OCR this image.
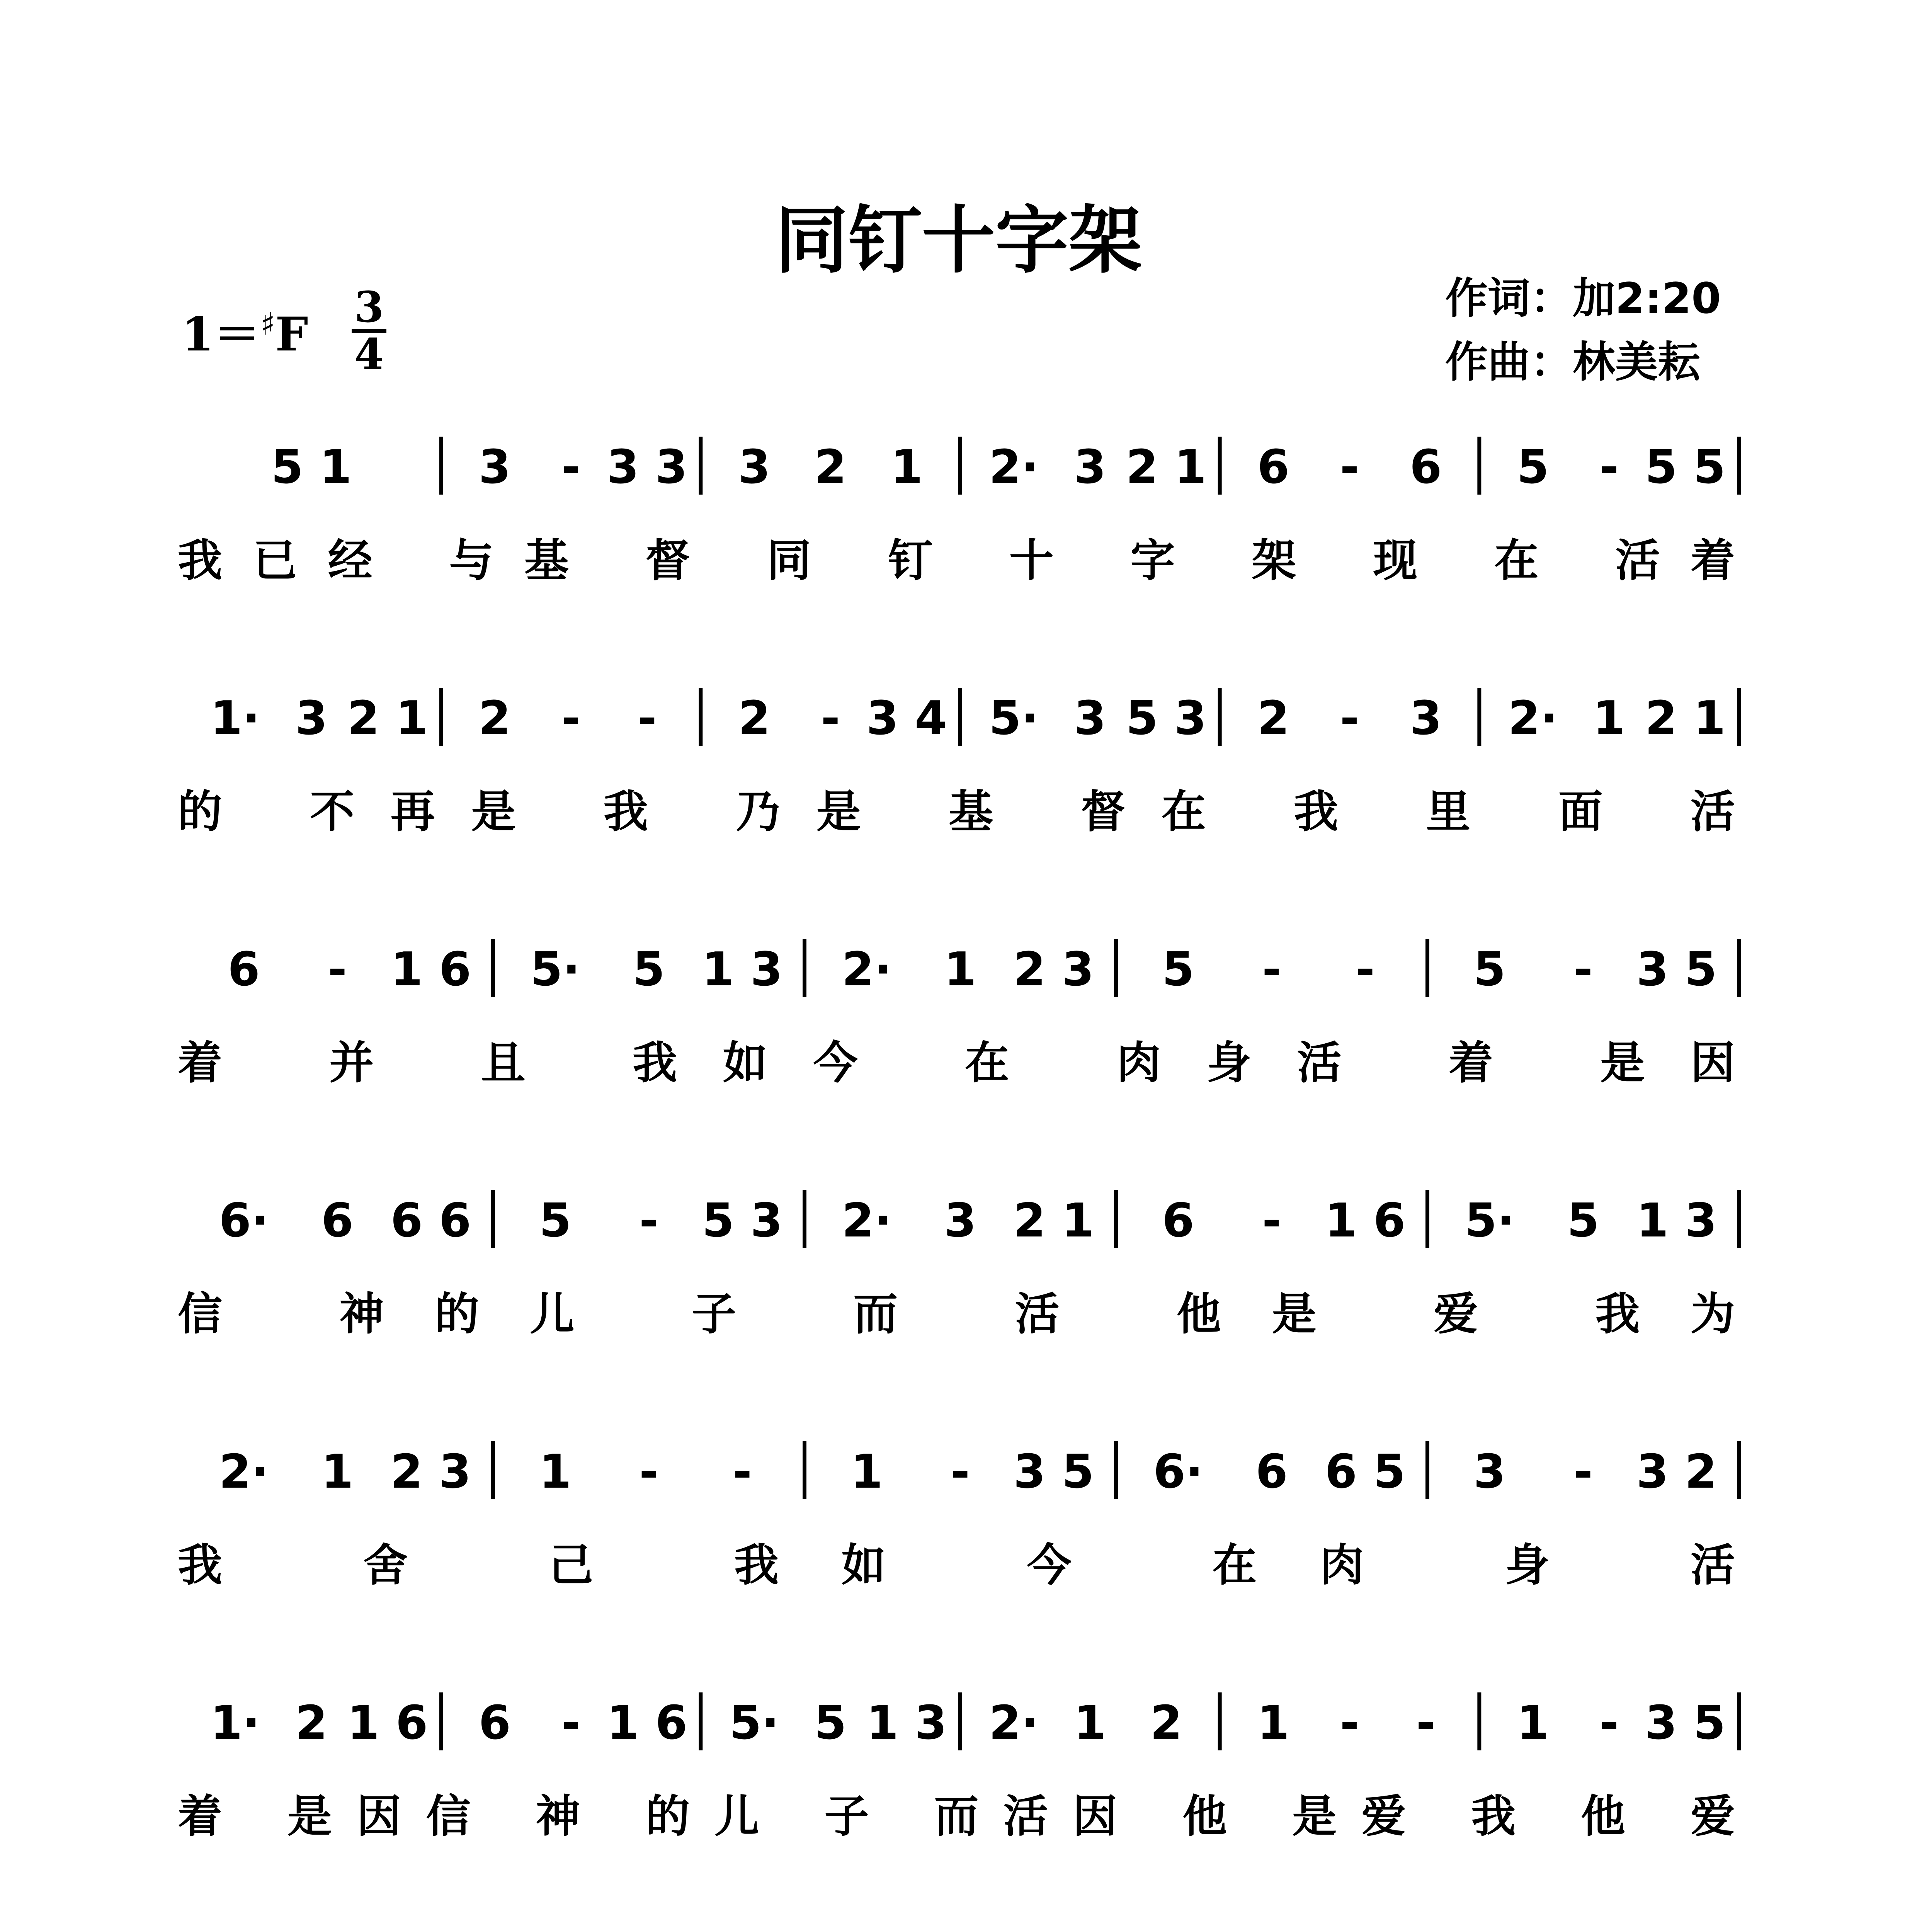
同钉十字架
1＝♯F
3
4
作词：加2:20
作曲：林美耘
5 1	3 - 3 3 3 2 1 2· 3 2 1 6 - 6 5 - 5 5
我已经 与基 督 同 钉 十 字 架 现 在 活着
1· 3 2 1 2 - - 2 - 3 4 5· 3 5 3 2 - 3 2· 1 2 1
的 不再是 我 乃是 基 督在 我 里 面 活
6 - 1 6 5· 5 1 3 2· 1 2 3 5 - - 5 - 3 5
着 并 且 我如今 在 肉身活 着 是因
6· 6 6 6 5 - 5 3 2· 3 2 1 6 - 1 6 5· 5 1 3
信 神的儿 子 而 活 他是 爱 我为
2· 1 2 3 1 - - 1 - 3 5 6· 6 6 5 3 - 3 2
我 舍 己 我如 今 在肉 身 活
1· 2 1 6 6 - 1 6 5· 5 1 3 2· 1 2 1 - - 1 - 3 5
着 是因信 神 的儿 子 而活因 他 是爱 我 他 爱
